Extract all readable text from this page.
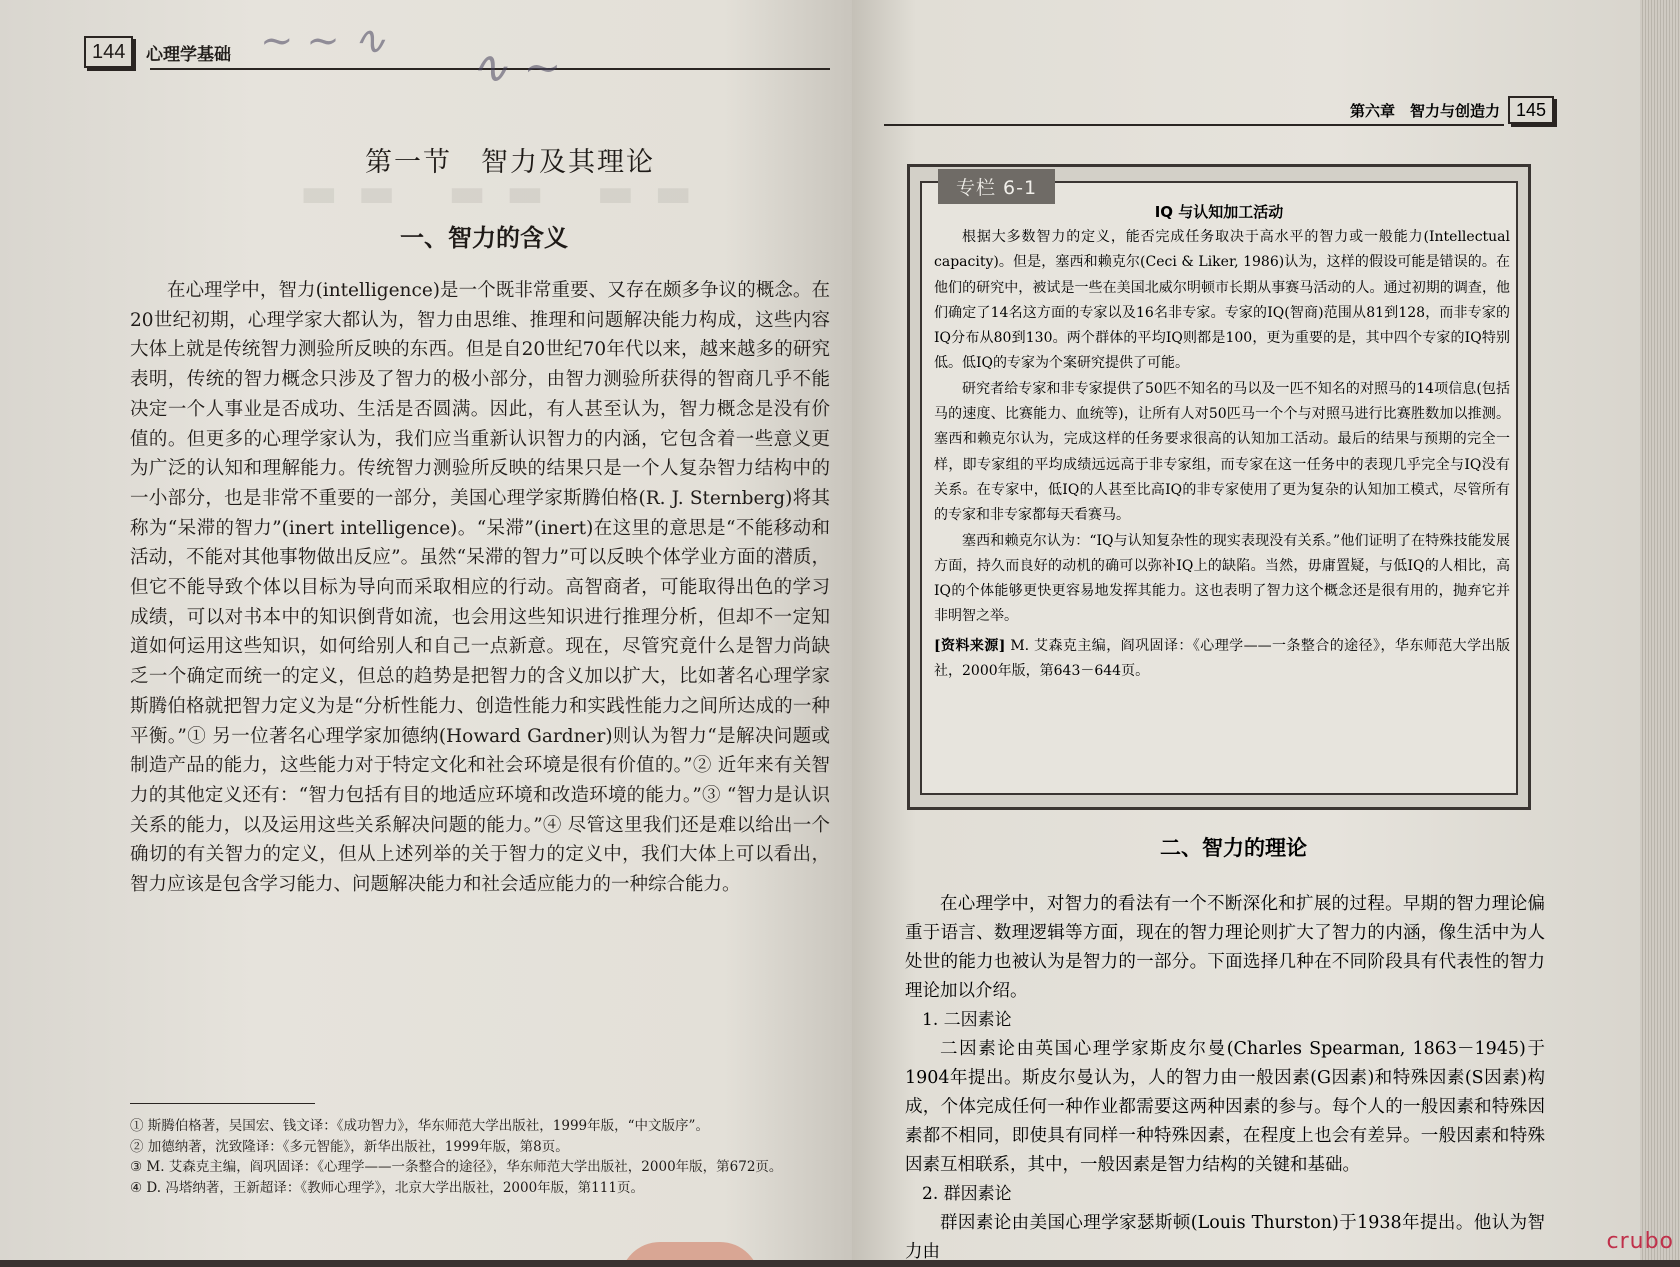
144	心理学基础 ~ ~ ∿ ∿ ~
▬▬ ▬▬ ▬▬
第一节　智力及其理论
一、智力的含义
在心理学中，智力(intelligence)是一个既非常重要、又存在颇多争议的概念。在20世纪初期，心理学家大都认为，智力由思维、推理和问题解决能力构成，这些内容大体上就是传统智力测验所反映的东西。但是自20世纪70年代以来，越来越多的研究表明，传统的智力概念只涉及了智力的极小部分，由智力测验所获得的智商几乎不能决定一个人事业是否成功、生活是否圆满。因此，有人甚至认为，智力概念是没有价值的。但更多的心理学家认为，我们应当重新认识智力的内涵，它包含着一些意义更为广泛的认知和理解能力。传统智力测验所反映的结果只是一个人复杂智力结构中的一小部分，也是非常不重要的一部分，美国心理学家斯腾伯格(R. J. Sternberg)将其称为“呆滞的智力”(inert intelligence)。“呆滞”(inert)在这里的意思是“不能移动和活动，不能对其他事物做出反应”。虽然“呆滞的智力”可以反映个体学业方面的潜质，但它不能导致个体以目标为导向而采取相应的行动。高智商者，可能取得出色的学习成绩，可以对书本中的知识倒背如流，也会用这些知识进行推理分析，但却不一定知道如何运用这些知识，如何给别人和自己一点新意。现在，尽管究竟什么是智力尚缺乏一个确定而统一的定义，但总的趋势是把智力的含义加以扩大，比如著名心理学家斯腾伯格就把智力定义为是“分析性能力、创造性能力和实践性能力之间所达成的一种平衡。”① 另一位著名心理学家加德纳(Howard Gardner)则认为智力“是解决问题或制造产品的能力，这些能力对于特定文化和社会环境是很有价值的。”② 近年来有关智力的其他定义还有：“智力包括有目的地适应环境和改造环境的能力。”③ “智力是认识关系的能力，以及运用这些关系解决问题的能力。”④ 尽管这里我们还是难以给出一个确切的有关智力的定义，但从上述列举的关于智力的定义中，我们大体上可以看出，智力应该是包含学习能力、问题解决能力和社会适应能力的一种综合能力。
① 斯腾伯格著，吴国宏、钱文译：《成功智力》，华东师范大学出版社，1999年版，“中文版序”。
② 加德纳著，沈致隆译：《多元智能》，新华出版社，1999年版，第8页。
③ M. 艾森克主编，阎巩固译：《心理学——一条整合的途径》，华东师范大学出版社，2000年版，第672页。
④ D. 冯塔纳著，王新超译：《教师心理学》，北京大学出版社，2000年版，第111页。
第六章　智力与创造力 145
专栏 6-1
IQ 与认知加工活动

根据大多数智力的定义，能否完成任务取决于高水平的智力或一般能力(Intellectual capacity)。但是，塞西和赖克尔(Ceci & Liker, 1986)认为，这样的假设可能是错误的。在他们的研究中，被试是一些在美国北威尔明顿市长期从事赛马活动的人。通过初期的调查，他们确定了14名这方面的专家以及16名非专家。专家的IQ(智商)范围从81到128，而非专家的IQ分布从80到130。两个群体的平均IQ则都是100，更为重要的是，其中四个专家的IQ特别低。低IQ的专家为个案研究提供了可能。

研究者给专家和非专家提供了50匹不知名的马以及一匹不知名的对照马的14项信息(包括马的速度、比赛能力、血统等)，让所有人对50匹马一个个与对照马进行比赛胜数加以推测。塞西和赖克尔认为，完成这样的任务要求很高的认知加工活动。最后的结果与预期的完全一样，即专家组的平均成绩远远高于非专家组，而专家在这一任务中的表现几乎完全与IQ没有关系。在专家中，低IQ的人甚至比高IQ的非专家使用了更为复杂的认知加工模式，尽管所有的专家和非专家都每天看赛马。

塞西和赖克尔认为：“IQ与认知复杂性的现实表现没有关系。”他们证明了在特殊技能发展方面，持久而良好的动机的确可以弥补IQ上的缺陷。当然，毋庸置疑，与低IQ的人相比，高IQ的个体能够更快更容易地发挥其能力。这也表明了智力这个概念还是很有用的，抛弃它并非明智之举。

[资料来源] M. 艾森克主编，阎巩固译：《心理学——一条整合的途径》，华东师范大学出版社，2000年版，第643－644页。

二、智力的理论

在心理学中，对智力的看法有一个不断深化和扩展的过程。早期的智力理论偏重于语言、数理逻辑等方面，现在的智力理论则扩大了智力的内涵，像生活中为人处世的能力也被认为是智力的一部分。下面选择几种在不同阶段具有代表性的智力理论加以介绍。

1. 二因素论

二因素论由英国心理学家斯皮尔曼(Charles Spearman, 1863－1945)于1904年提出。斯皮尔曼认为，人的智力由一般因素(G因素)和特殊因素(S因素)构成，个体完成任何一种作业都需要这两种因素的参与。每个人的一般因素和特殊因素都不相同，即使具有同样一种特殊因素，在程度上也会有差异。一般因素和特殊因素互相联系，其中，一般因素是智力结构的关键和基础。

2. 群因素论

群因素论由美国心理学家瑟斯顿(Louis Thurston)于1938年提出。他认为智力由	crubo
